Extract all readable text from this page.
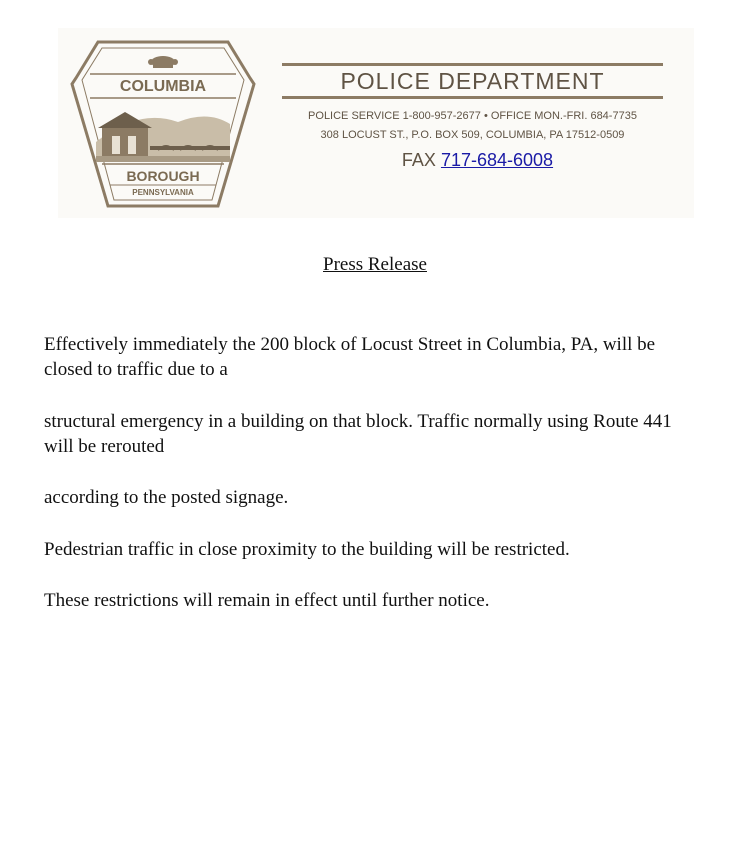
COLUMBIA
BOROUGH
PENNSYLVANIA
POLICE DEPARTMENT
POLICE SERVICE 1-800-957-2677 • OFFICE MON.-FRI. 684-7735
308 LOCUST ST., P.O. BOX 509, COLUMBIA, PA 17512-0509
FAX 717-684-6008
Press Release

Effectively immediately the 200 block of Locust Street in Columbia, PA, will be closed to traffic due to a

structural emergency in a building on that block. Traffic normally using Route 441 will be rerouted

according to the posted signage.

Pedestrian traffic in close proximity to the building will be restricted.

These restrictions will remain in effect until further notice.
